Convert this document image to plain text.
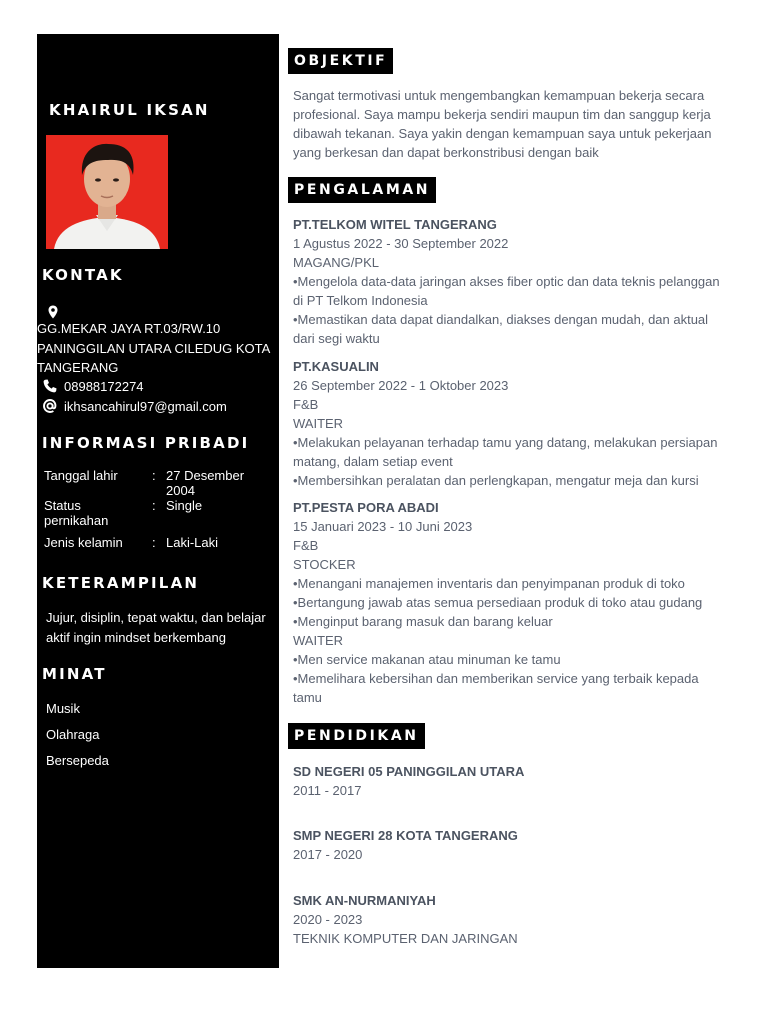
KHAIRUL IKSAN
KONTAK
GG.MEKAR JAYA RT.03/RW.10 PANINGGILAN UTARA CILEDUG KOTA TANGERANG
08988172274
ikhsancahirul97@gmail.com
INFORMASI PRIBADI
Tanggal lahir	: 27 Desember 2004
Status pernikahan
: Single
Jenis kelamin	: Laki-Laki
KETERAMPILAN
Jujur, disiplin, tepat waktu, dan belajar aktif ingin mindset berkembang
MINAT
Musik
Olahraga
Bersepeda
OBJEKTIF
Sangat termotivasi untuk mengembangkan kemampuan bekerja secara profesional. Saya mampu bekerja sendiri maupun tim dan sanggup kerja dibawah tekanan. Saya yakin dengan kemampuan saya untuk pekerjaan yang berkesan dan dapat berkonstribusi dengan baik
PENGALAMAN
PT.TELKOM WITEL TANGERANG
1 Agustus 2022 - 30 September 2022
MAGANG/PKL
•Mengelola data-data jaringan akses fiber optic dan data teknis pelanggan di PT Telkom Indonesia
•Memastikan data dapat diandalkan, diakses dengan mudah, dan aktual dari segi waktu
PT.KASUALIN
26 September 2022 - 1 Oktober 2023
F&B
WAITER
•Melakukan pelayanan terhadap tamu yang datang, melakukan persiapan matang, dalam setiap event
•Membersihkan peralatan dan perlengkapan, mengatur meja dan kursi
PT.PESTA PORA ABADI
15 Januari 2023 - 10 Juni 2023
F&B
STOCKER
•Menangani manajemen inventaris dan penyimpanan produk di toko
•Bertangung jawab atas semua persediaan produk di toko atau gudang
•Menginput barang masuk dan barang keluar
WAITER
•Men service makanan atau minuman ke tamu
•Memelihara kebersihan dan memberikan service yang terbaik kepada tamu
PENDIDIKAN
SD NEGERI 05 PANINGGILAN UTARA
2011 - 2017
SMP NEGERI 28 KOTA TANGERANG
2017 - 2020
SMK AN-NURMANIYAH
2020 - 2023
TEKNIK KOMPUTER DAN JARINGAN
